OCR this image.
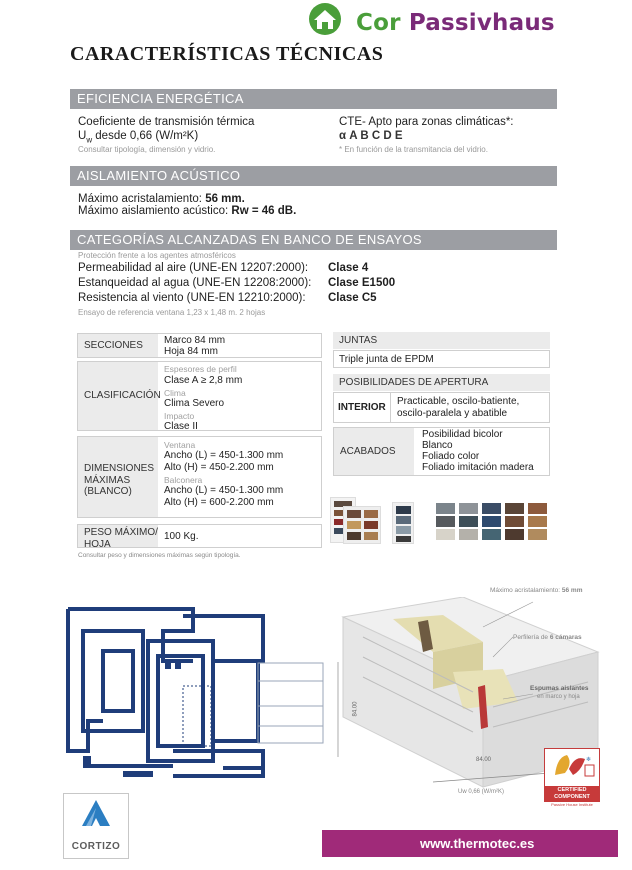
Cor Passivhaus
CARACTERÍSTICAS TÉCNICAS
EFICIENCIA ENERGÉTICA
Coeficiente de transmisión térmica
$U_w$ desde 0,66 (W/m²K)
Consultar tipología, dimensión y vidrio.
CTE- Apto para zonas climáticas*:
α A B C D E
* En función de la transmitancia del vidrio.
AISLAMIENTO ACÚSTICO
Máximo acristalamiento: 56 mm.
Máximo aislamiento acústico: Rw = 46 dB.
CATEGORÍAS ALCANZADAS EN BANCO DE ENSAYOS
Protección frente a los agentes atmosféricos
Permeabilidad al aire (UNE-EN 12207:2000): Clase 4
Estanqueidad al agua (UNE-EN 12208:2000): Clase E1500
Resistencia al viento (UNE-EN 12210:2000): Clase C5
Ensayo de referencia ventana 1,23 x 1,48 m. 2 hojas
SECCIONES	Marco 84 mm
Hoja 84 mm
CLASIFICACIÓN
Espesores de perfil
Clase A ≥ 2,8 mm
Clima
Clima Severo
Impacto
Clase II
DIMENSIONES
MÁXIMAS
(BLANCO)
Ventana
Ancho (L) = 450-1.300 mm
Alto (H) = 450-2.200 mm
Balconera
Ancho (L) = 450-1.300 mm
Alto (H) = 600-2.200 mm
PESO MÁXIMO/
HOJA
100 Kg.
Consultar peso y dimensiones máximas según tipología.
JUNTAS
Triple junta de EPDM
POSIBILIDADES DE APERTURA
INTERIOR
Practicable, oscilo-batiente,
oscilo-paralela y abatible
ACABADOS
Posibilidad bicolor
Blanco
Foliado color
Foliado imitación madera
Máximo acristalamiento: 56 mm
Perfilería de 6 cámaras
Espumas aislantes
en marco y hoja
84.00
84.00
Uw 0,66 (W/m²K)
❄
CERTIFIED
COMPONENT
Passive House Institute
CORTIZO	www.thermotec.es
